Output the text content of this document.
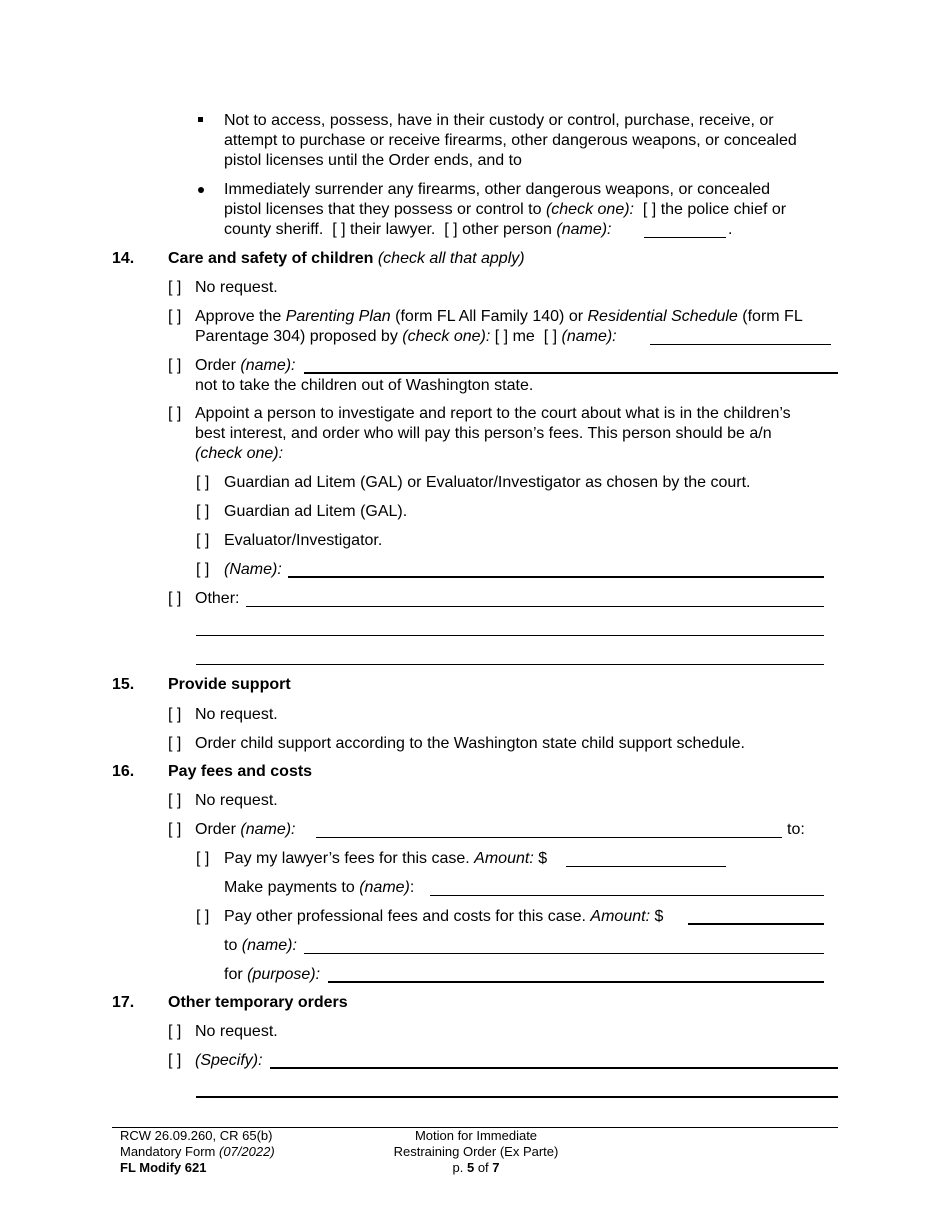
Not to access, possess, have in their custody or control, purchase, receive, or
attempt to purchase or receive firearms, other dangerous weapons, or concealed
pistol licenses until the Order ends, and to
Immediately surrender any firearms, other dangerous weapons, or concealed
pistol licenses that they possess or control to (check one): [ ] the police chief or
county sheriff. [ ] their lawyer. [ ] other person (name):	.
14. Care and safety of children (check all that apply)
[ ] No request.
[ ] Approve the Parenting Plan (form FL All Family 140) or Residential Schedule (form FL
Parentage 304) proposed by (check one): [ ] me [ ] (name):
[ ] Order (name):
not to take the children out of Washington state.
[ ] Appoint a person to investigate and report to the court about what is in the children’s
best interest, and order who will pay this person’s fees. This person should be a/n
(check one):
[ ] Guardian ad Litem (GAL) or Evaluator/Investigator as chosen by the court.
[ ] Guardian ad Litem (GAL).
[ ] Evaluator/Investigator.
[ ] (Name):
[ ] Other:
15. Provide support
[ ] No request.
[ ] Order child support according to the Washington state child support schedule.
16. Pay fees and costs
[ ] No request.
[ ] Order (name):	to:
[ ] Pay my lawyer’s fees for this case. Amount: $
Make payments to (name):
[ ] Pay other professional fees and costs for this case. Amount: $
to (name):
for (purpose):
17. Other temporary orders
[ ] No request.
[ ] (Specify):
RCW 26.09.260, CR 65(b)
Mandatory Form (07/2022)
FL Modify 621
Motion for Immediate
Restraining Order (Ex Parte)
p. 5 of 7
